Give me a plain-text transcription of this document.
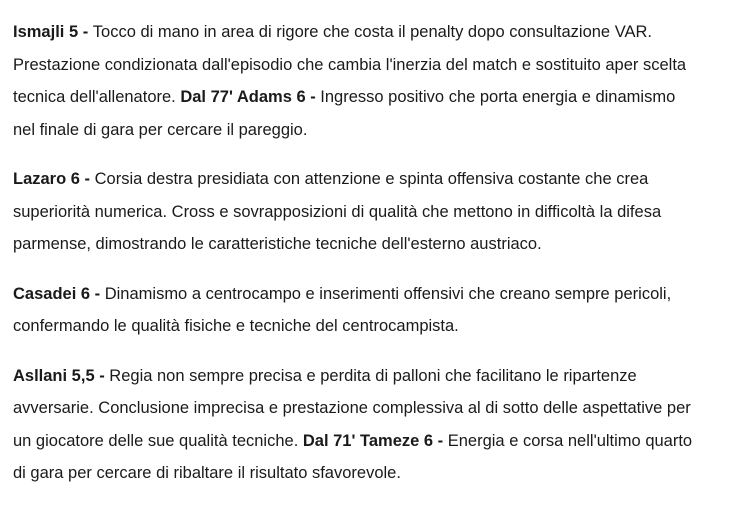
Ismajli 5 - Tocco di mano in area di rigore che costa il penalty dopo consultazione VAR.

Prestazione condizionata dall'episodio che cambia l'inerzia del match e sostituito aper scelta

tecnica dell'allenatore. Dal 77' Adams 6 - Ingresso positivo che porta energia e dinamismo

nel finale di gara per cercare il pareggio.

Lazaro 6 - Corsia destra presidiata con attenzione e spinta offensiva costante che crea

superiorità numerica. Cross e sovrapposizioni di qualità che mettono in difficoltà la difesa

parmense, dimostrando le caratteristiche tecniche dell'esterno austriaco.

Casadei 6 - Dinamismo a centrocampo e inserimenti offensivi che creano sempre pericoli,

confermando le qualità fisiche e tecniche del centrocampista.

Asllani 5,5 - Regia non sempre precisa e perdita di palloni che facilitano le ripartenze

avversarie. Conclusione imprecisa e prestazione complessiva al di sotto delle aspettative per

un giocatore delle sue qualità tecniche. Dal 71' Tameze 6 - Energia e corsa nell'ultimo quarto

di gara per cercare di ribaltare il risultato sfavorevole.
